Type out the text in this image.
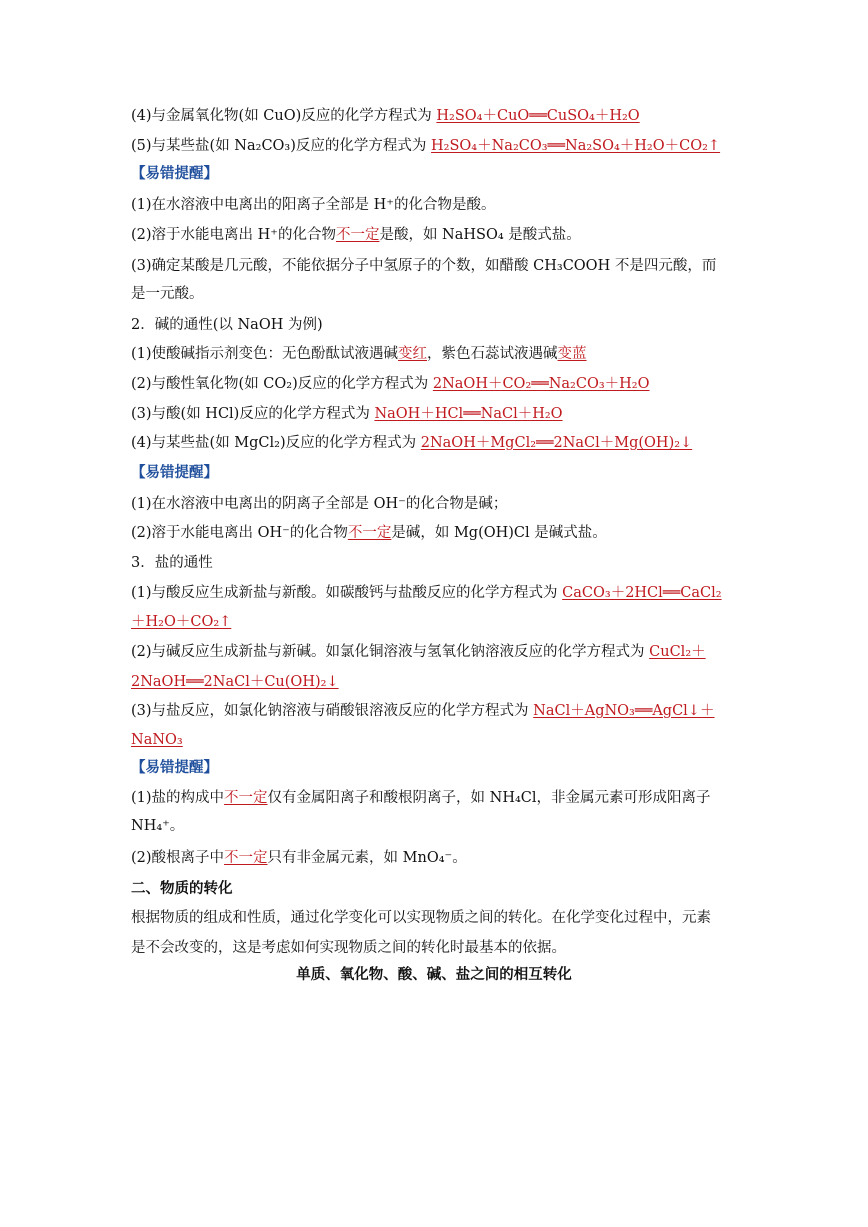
(4)与金属氧化物(如 CuO)反应的化学方程式为 H₂SO₄＋CuO══CuSO₄＋H₂O
(5)与某些盐(如 Na₂CO₃)反应的化学方程式为 H₂SO₄＋Na₂CO₃══Na₂SO₄＋H₂O＋CO₂↑
【易错提醒】
(1)在水溶液中电离出的阳离子全部是 H⁺的化合物是酸。
(2)溶于水能电离出 H⁺的化合物不一定是酸，如 NaHSO₄ 是酸式盐。
(3)确定某酸是几元酸，不能依据分子中氢原子的个数，如醋酸 CH₃COOH 不是四元酸，而
是一元酸。
2．碱的通性(以 NaOH 为例)
(1)使酸碱指示剂变色：无色酚酞试液遇碱变红，紫色石蕊试液遇碱变蓝
(2)与酸性氧化物(如 CO₂)反应的化学方程式为 2NaOH＋CO₂══Na₂CO₃＋H₂O
(3)与酸(如 HCl)反应的化学方程式为 NaOH＋HCl══NaCl＋H₂O
(4)与某些盐(如 MgCl₂)反应的化学方程式为 2NaOH＋MgCl₂══2NaCl＋Mg(OH)₂↓
【易错提醒】
(1)在水溶液中电离出的阴离子全部是 OH⁻的化合物是碱；
(2)溶于水能电离出 OH⁻的化合物不一定是碱，如 Mg(OH)Cl 是碱式盐。
3．盐的通性
(1)与酸反应生成新盐与新酸。如碳酸钙与盐酸反应的化学方程式为 CaCO₃＋2HCl══CaCl₂
＋H₂O＋CO₂↑
(2)与碱反应生成新盐与新碱。如氯化铜溶液与氢氧化钠溶液反应的化学方程式为 CuCl₂＋
2NaOH══2NaCl＋Cu(OH)₂↓
(3)与盐反应，如氯化钠溶液与硝酸银溶液反应的化学方程式为 NaCl＋AgNO₃══AgCl↓＋
NaNO₃
【易错提醒】
(1)盐的构成中不一定仅有金属阳离子和酸根阴离子，如 NH₄Cl，非金属元素可形成阳离子
NH₄⁺。
(2)酸根离子中不一定只有非金属元素，如 MnO₄⁻。
二、物质的转化
根据物质的组成和性质，通过化学变化可以实现物质之间的转化。在化学变化过程中，元素
是不会改变的，这是考虑如何实现物质之间的转化时最基本的依据。
单质、氧化物、酸、碱、盐之间的相互转化
